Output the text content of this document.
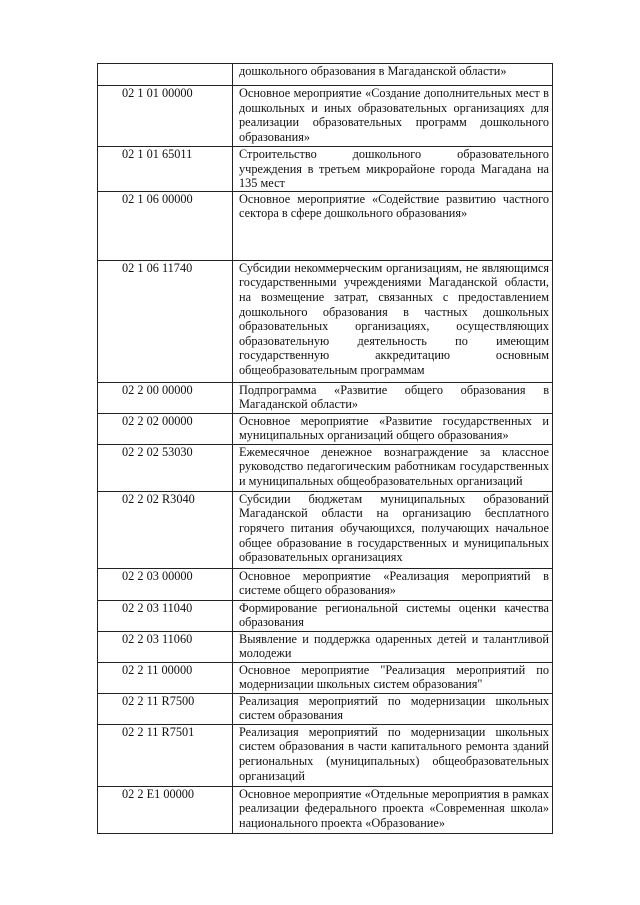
	дошкольного образования в Магаданской области»
02 1 01 00000	Основное мероприятие «Создание дополнительных мест в дошкольных и иных образовательных организациях для реализации образовательных программ дошкольного образования»
02 1 01 65011	Строительство дошкольного образовательного учреждения в третьем микрорайоне города Магадана на 135 мест
02 1 06 00000	Основное мероприятие «Содействие развитию частного сектора в сфере дошкольного образования»
02 1 06 11740	Субсидии некоммерческим организациям, не являющимся государственными учреждениями Магаданской области, на возмещение затрат, связанных с предоставлением дошкольного образования в частных дошкольных образовательных организациях, осуществляющих образовательную деятельность по имеющим государственную аккредитацию основным общеобразовательным программам
02 2 00 00000	Подпрограмма «Развитие общего образования в Магаданской области»
02 2 02 00000	Основное мероприятие «Развитие государственных и муниципальных организаций общего образования»
02 2 02 53030	Ежемесячное денежное вознаграждение за классное руководство педагогическим работникам государственных и муниципальных общеобразовательных организаций
02 2 02 R3040	Субсидии бюджетам муниципальных образований Магаданской области на организацию бесплатного горячего питания обучающихся, получающих начальное общее образование в государственных и муниципальных образовательных организациях
02 2 03 00000	Основное мероприятие «Реализация мероприятий в системе общего образования»
02 2 03 11040	Формирование региональной системы оценки качества образования
02 2 03 11060	Выявление и поддержка одаренных детей и талантливой молодежи
02 2 11 00000	Основное мероприятие "Реализация мероприятий по модернизации школьных систем образования"
02 2 11 R7500	Реализация мероприятий по модернизации школьных систем образования
02 2 11 R7501	Реализация мероприятий по модернизации школьных систем образования в части капитального ремонта зданий региональных (муниципальных) общеобразовательных организаций
02 2 E1 00000	Основное мероприятие «Отдельные мероприятия в рамках реализации федерального проекта «Современная школа» национального проекта «Образование»
